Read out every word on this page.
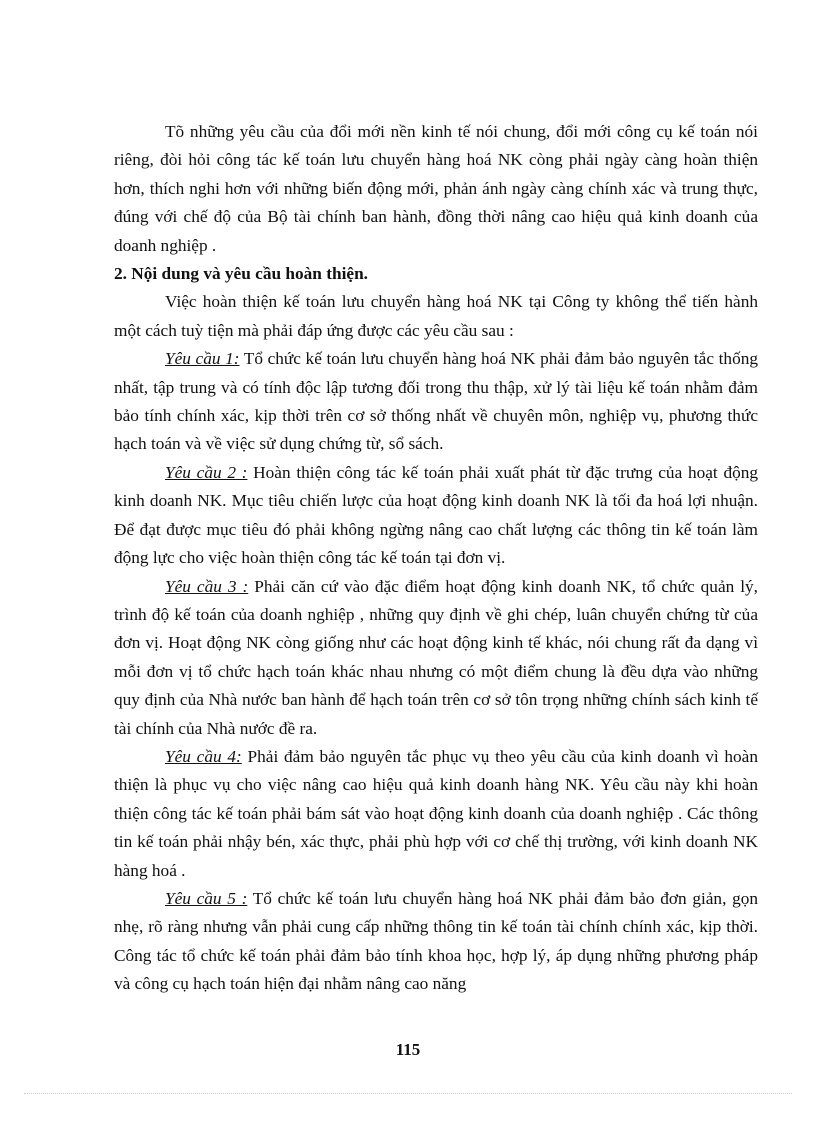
Tõ những yêu cầu của đổi mới nền kinh tế nói chung, đổi mới công cụ kế toán nói riêng, đòi hỏi công tác kế toán lưu chuyển hàng hoá NK còng phải ngày càng hoàn thiện hơn, thích nghi hơn với những biến động mới, phản ánh ngày càng chính xác và trung thực, đúng với chế độ của Bộ tài chính ban hành, đồng thời nâng cao hiệu quả kinh doanh của doanh nghiệp .

2. Nội dung và yêu cầu hoàn thiện.

Việc hoàn thiện kế toán lưu chuyển hàng hoá NK tại Công ty không thể tiến hành một cách tuỳ tiện mà phải đáp ứng được các yêu cầu sau :

Yêu cầu 1: Tổ chức kế toán lưu chuyển hàng hoá NK phải đảm bảo nguyên tắc thống nhất, tập trung và có tính độc lập tương đối trong thu thập, xử lý tài liệu kế toán nhằm đảm bảo tính chính xác, kịp thời trên cơ sở thống nhất về chuyên môn, nghiệp vụ, phương thức hạch toán và về việc sử dụng chứng từ, sổ sách.

Yêu cầu 2 : Hoàn thiện công tác kế toán phải xuất phát từ đặc trưng của hoạt động kinh doanh NK. Mục tiêu chiến lược của hoạt động kinh doanh NK là tối đa hoá lợi nhuận. Để đạt được mục tiêu đó phải không ngừng nâng cao chất lượng các thông tin kế toán làm động lực cho việc hoàn thiện công tác kế toán tại đơn vị.

Yêu cầu 3 : Phải căn cứ vào đặc điểm hoạt động kinh doanh NK, tổ chức quản lý, trình độ kế toán của doanh nghiệp , những quy định về ghi chép, luân chuyển chứng từ của đơn vị. Hoạt động NK còng giống như các hoạt động kinh tế khác, nói chung rất đa dạng vì mỗi đơn vị tổ chức hạch toán khác nhau nhưng có một điểm chung là đều dựa vào những quy định của Nhà nước ban hành để hạch toán trên cơ sở tôn trọng những chính sách kinh tế tài chính của Nhà nước đề ra.

Yêu cầu 4: Phải đảm bảo nguyên tắc phục vụ theo yêu cầu của kinh doanh vì hoàn thiện là phục vụ cho việc nâng cao hiệu quả kinh doanh hàng NK. Yêu cầu này khi hoàn thiện công tác kế toán phải bám sát vào hoạt động kinh doanh của doanh nghiệp . Các thông tin kế toán phải nhậy bén, xác thực, phải phù hợp với cơ chế thị trường, với kinh doanh NK hàng hoá .

Yêu cầu 5 : Tổ chức kế toán lưu chuyển hàng hoá NK phải đảm bảo đơn giản, gọn nhẹ, rõ ràng nhưng vẫn phải cung cấp những thông tin kế toán tài chính chính xác, kịp thời. Công tác tổ chức kế toán phải đảm bảo tính khoa học, hợp lý, áp dụng những phương pháp và công cụ hạch toán hiện đại nhằm nâng cao năng

115
